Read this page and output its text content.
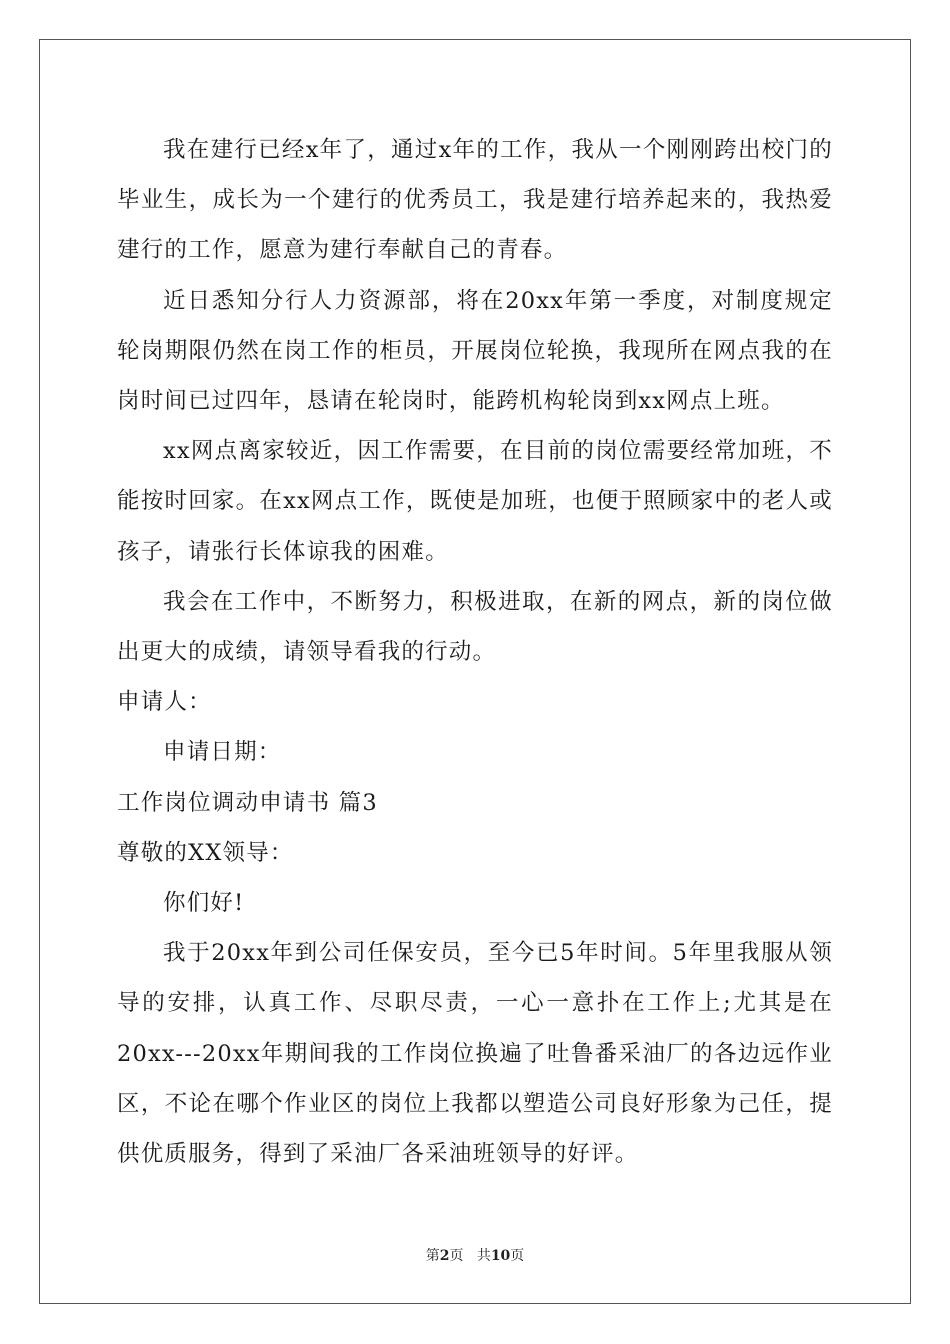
我在建行已经x年了，通过x年的工作，我从一个刚刚跨出校门的毕业生，成长为一个建行的优秀员工，我是建行培养起来的，我热爱建行的工作，愿意为建行奉献自己的青春。

近日悉知分行人力资源部，将在20xx年第一季度，对制度规定轮岗期限仍然在岗工作的柜员，开展岗位轮换，我现所在网点我的在岗时间已过四年，恳请在轮岗时，能跨机构轮岗到xx网点上班。

xx网点离家较近，因工作需要，在目前的岗位需要经常加班，不能按时回家。在xx网点工作，既使是加班，也便于照顾家中的老人或孩子，请张行长体谅我的困难。

我会在工作中，不断努力，积极进取，在新的网点，新的岗位做出更大的成绩，请领导看我的行动。

申请人：

申请日期：

工作岗位调动申请书 篇3

尊敬的XX领导：

你们好!

我于20xx年到公司任保安员，至今已5年时间。5年里我服从领导的安排，认真工作、尽职尽责，一心一意扑在工作上;尤其是在20xx---20xx年期间我的工作岗位换遍了吐鲁番采油厂的各边远作业区，不论在哪个作业区的岗位上我都以塑造公司良好形象为己任，提供优质服务，得到了采油厂各采油班领导的好评。

第2页 共10页
